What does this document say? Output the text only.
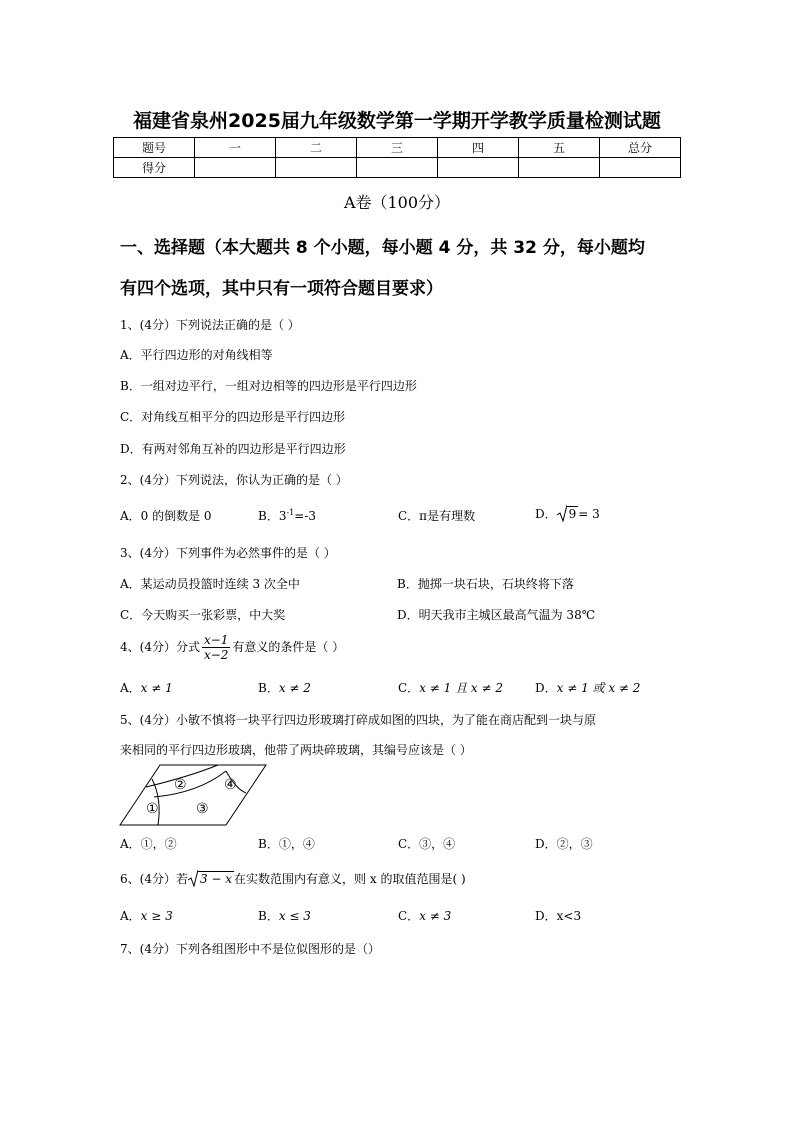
福建省泉州2025届九年级数学第一学期开学教学质量检测试题
题号	一	二	三	四	五	总分
得分						
A卷（100分）
一、选择题（本大题共 8 个小题，每小题 4 分，共 32 分，每小题均
有四个选项，其中只有一项符合题目要求）
1、(4分）下列说法正确的是（ ）
A．平行四边形的对角线相等
B．一组对边平行，一组对边相等的四边形是平行四边形
C．对角线互相平分的四边形是平行四边形
D．有两对邻角互补的四边形是平行四边形
2、(4分）下列说法，你认为正确的是（ ）
A．0 的倒数是 0	B．$3^{-1}=-3$	C．π是有理数	D． 9 = 3
3、(4分）下列事件为必然事件的是（ ）
A．某运动员投篮时连续 3 次全中	B．抛掷一块石块，石块终将下落
C．今天购买一张彩票，中大奖	D．明天我市主城区最高气温为 38℃
4、(4分）分式 $\frac{x-1}{x-2}$ 有意义的条件是（ ）
A．x ≠ 1	B．x ≠ 2	C．x ≠ 1 且 x ≠ 2	D．x ≠ 1 或 x ≠ 2
5、(4分）小敏不慎将一块平行四边形玻璃打碎成如图的四块，为了能在商店配到一块与原
来相同的平行四边形玻璃，他带了两块碎玻璃，其编号应该是（ ）
①
②
③
④
A．①，②	B．①，④	C．③，④	D．②，③
6、(4分）若 3 − x 在实数范围内有意义，则 x 的取值范围是( )
A．x ≥ 3	B．x ≤ 3	C．x ≠ 3	D．x<3
7、(4分）下列各组图形中不是位似图形的是（）
